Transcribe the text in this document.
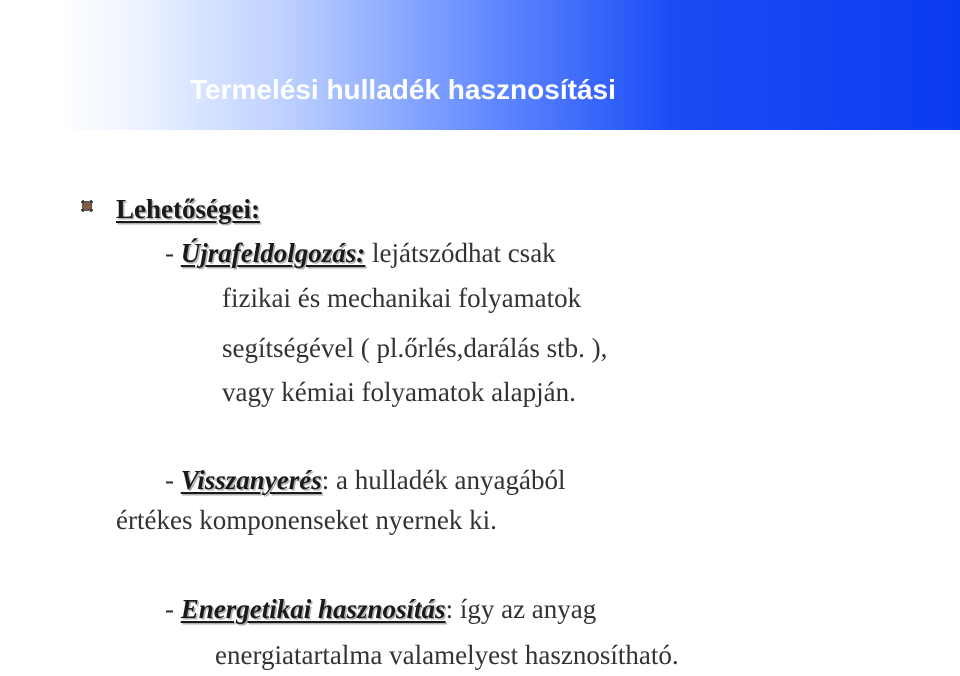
Termelési hulladék hasznosítási
Lehetőségei:
- Újrafeldolgozás: lejátszódhat csak
fizikai és mechanikai folyamatok
segítségével ( pl.őrlés,darálás stb. ),
vagy kémiai folyamatok alapján.
- Visszanyerés: a hulladék anyagából
értékes komponenseket nyernek ki.
- Energetikai hasznosítás: így az anyag
energiatartalma valamelyest hasznosítható.
